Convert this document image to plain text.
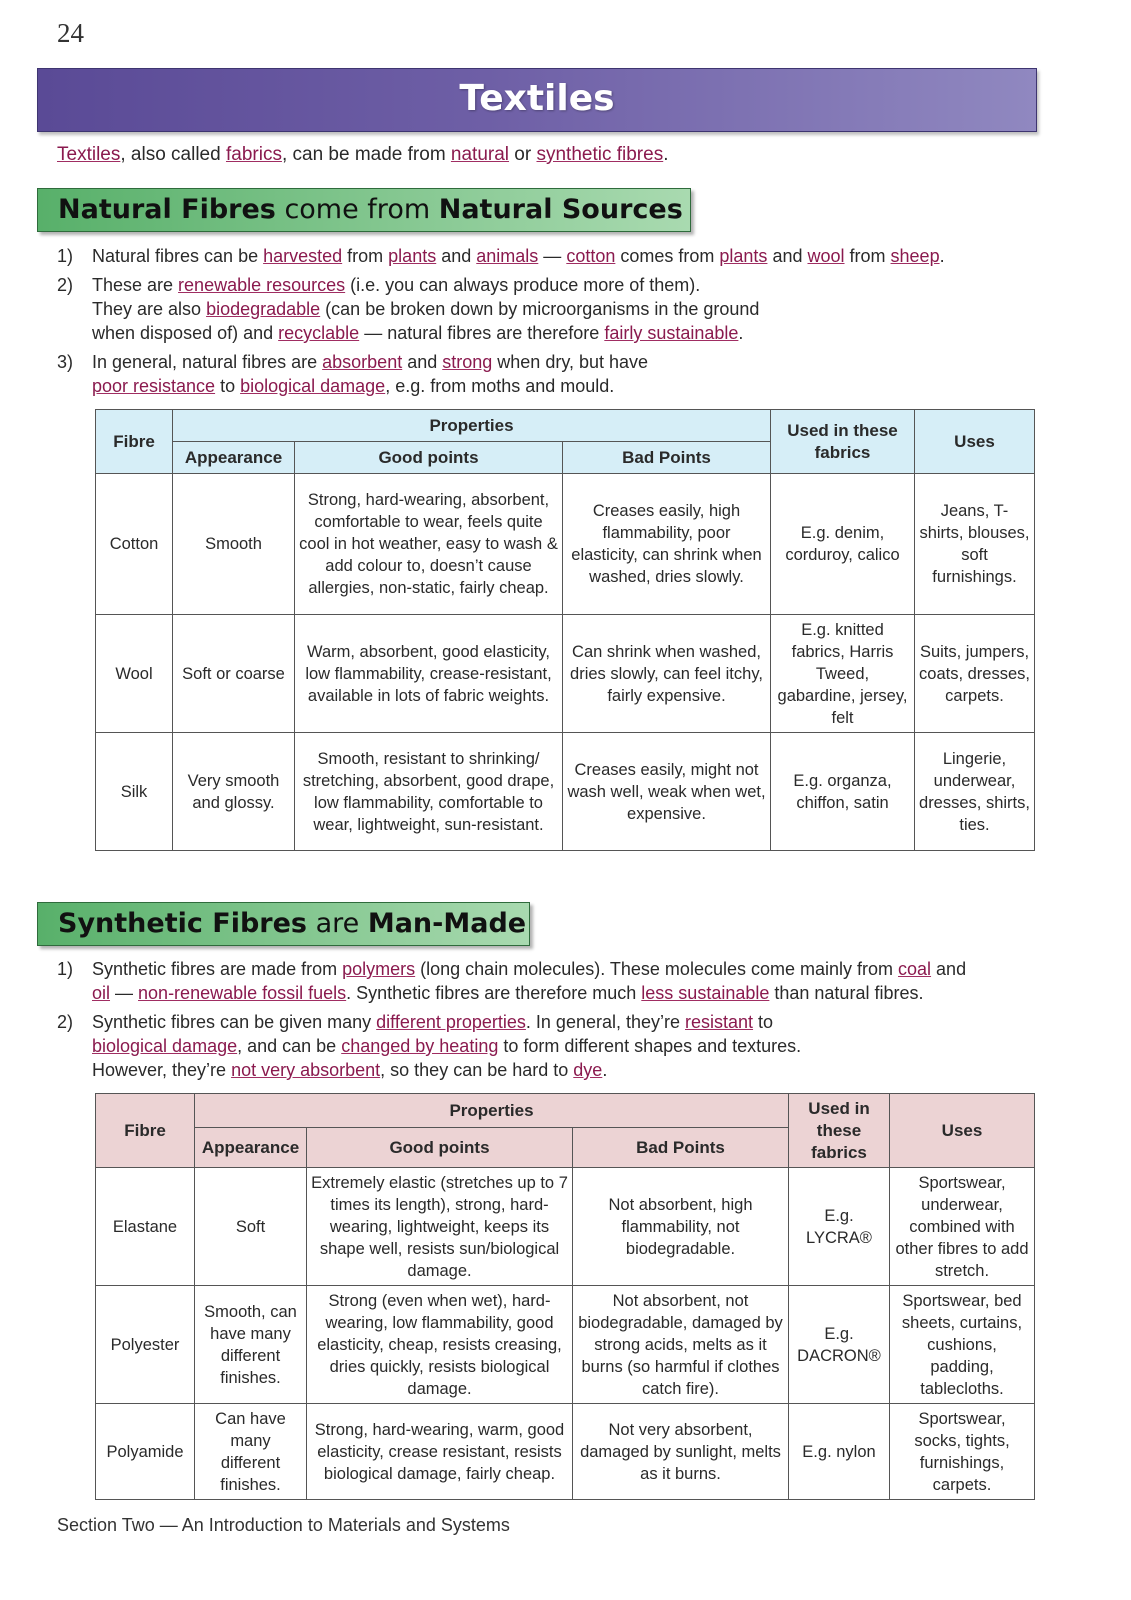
24
Textiles

Textiles, also called fabrics, can be made from natural or synthetic fibres.

Natural Fibres come from Natural Sources
1) Natural fibres can be harvested from plants and animals — cotton comes from plants and wool from sheep.
2) These are renewable resources (i.e. you can always produce more of them).
They are also biodegradable (can be broken down by microorganisms in the ground
when disposed of) and recyclable — natural fibres are therefore fairly sustainable.
3) In general, natural fibres are absorbent and strong when dry, but have
poor resistance to biological damage, e.g. from moths and mould.
Fibre	Properties			Used in these fabrics	Uses
	Appearance	Good points	Bad Points		
Cotton	Smooth	Strong, hard-wearing, absorbent, comfortable to wear, feels quite cool in hot weather, easy to wash & add colour to, doesn’t cause allergies, non-static, fairly cheap.	Creases easily, high flammability, poor elasticity, can shrink when washed, dries slowly.	E.g. denim, corduroy, calico	Jeans, T-shirts, blouses, soft furnishings.
Wool	Soft or coarse	Warm, absorbent, good elasticity, low flammability, crease-resistant, available in lots of fabric weights.	Can shrink when washed, dries slowly, can feel itchy, fairly expensive.	E.g. knitted fabrics, Harris Tweed, gabardine, jersey, felt	Suits, jumpers, coats, dresses, carpets.
Silk	Very smooth and glossy.	Smooth, resistant to shrinking/ stretching, absorbent, good drape, low flammability, comfortable to wear, lightweight, sun-resistant.	Creases easily, might not wash well, weak when wet, expensive.	E.g. organza, chiffon, satin	Lingerie, underwear, dresses, shirts, ties.
Synthetic Fibres are Man-Made
1) Synthetic fibres are made from polymers (long chain molecules). These molecules come mainly from coal and
oil — non-renewable fossil fuels. Synthetic fibres are therefore much less sustainable than natural fibres.
2) Synthetic fibres can be given many different properties. In general, they’re resistant to
biological damage, and can be changed by heating to form different shapes and textures.
However, they’re not very absorbent, so they can be hard to dye.
Fibre	Properties			Used in these fabrics	Uses
	Appearance	Good points	Bad Points		
Elastane	Soft	Extremely elastic (stretches up to 7 times its length), strong, hard-wearing, lightweight, keeps its shape well, resists sun/biological damage.	Not absorbent, high flammability, not biodegradable.	E.g. LYCRA®	Sportswear, underwear, combined with other fibres to add stretch.
Polyester	Smooth, can have many different finishes.	Strong (even when wet), hard-wearing, low flammability, good elasticity, cheap, resists creasing, dries quickly, resists biological damage.	Not absorbent, not biodegradable, damaged by strong acids, melts as it burns (so harmful if clothes catch fire).	E.g. DACRON®	Sportswear, bed sheets, curtains, cushions, padding, tablecloths.
Polyamide	Can have many different finishes.	Strong, hard-wearing, warm, good elasticity, crease resistant, resists biological damage, fairly cheap.	Not very absorbent, damaged by sunlight, melts as it burns.	E.g. nylon	Sportswear, socks, tights, furnishings, carpets.
Section Two — An Introduction to Materials and Systems
